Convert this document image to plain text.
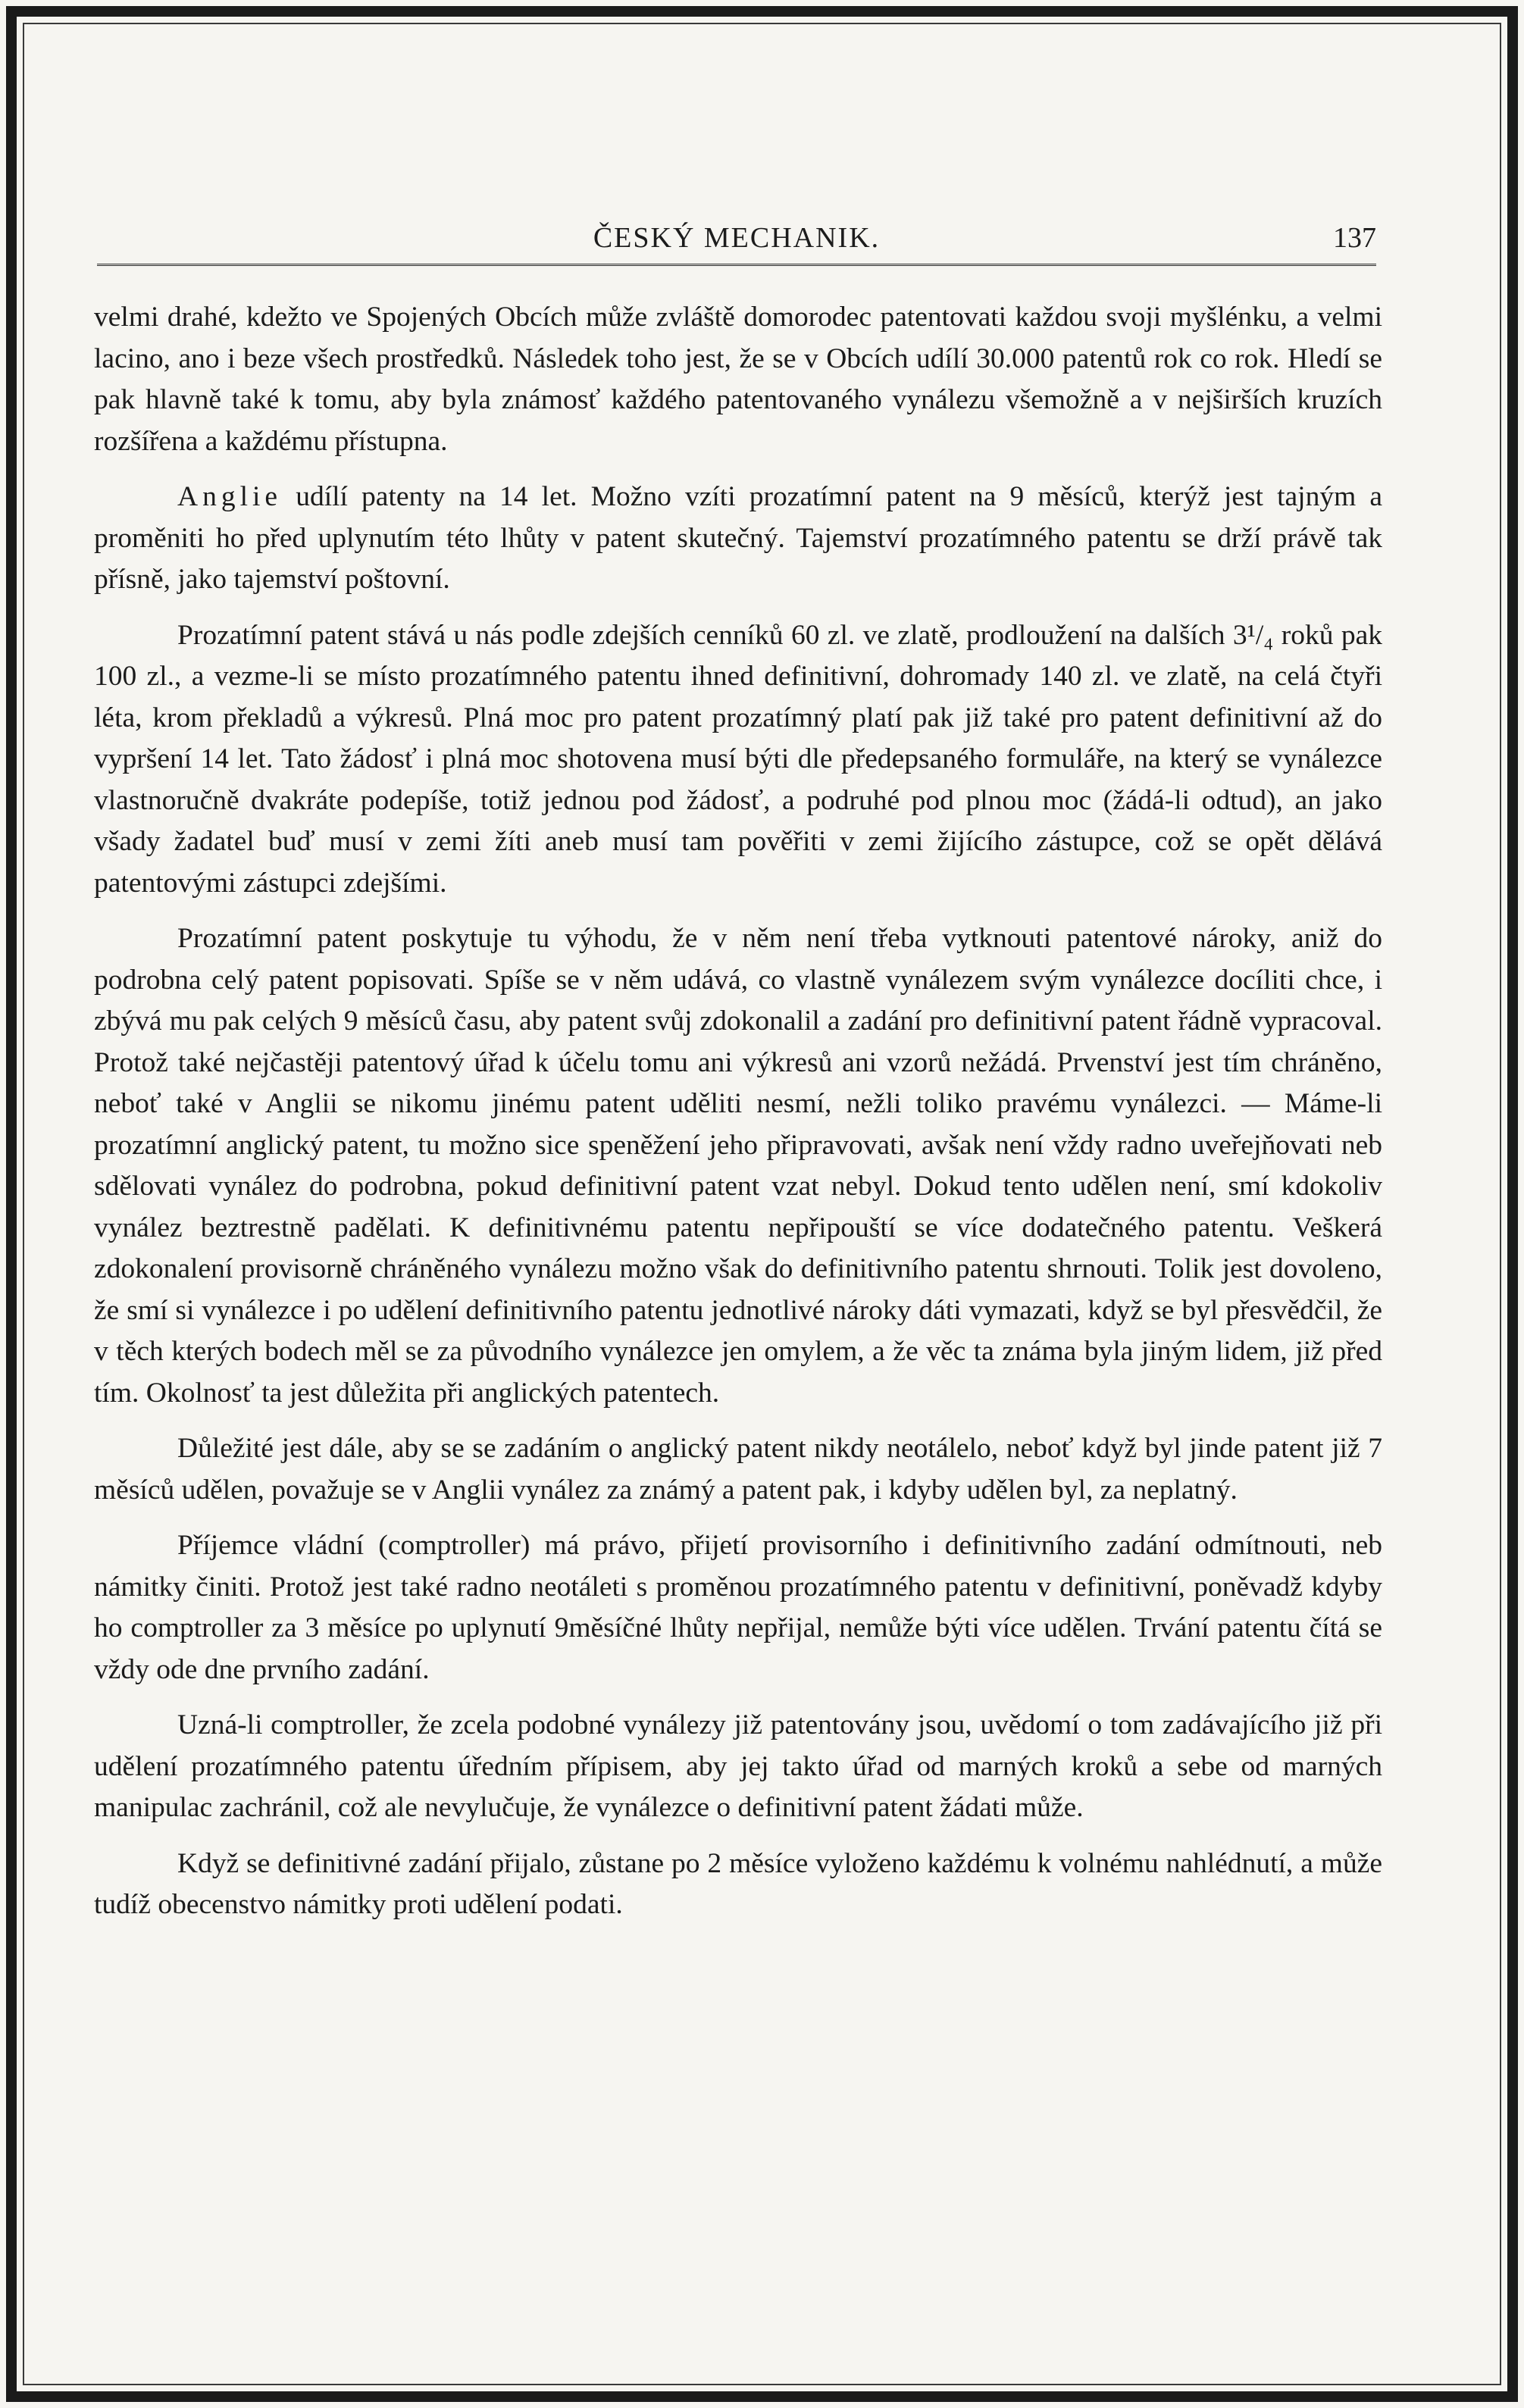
ČESKÝ MECHANIK.	137

velmi drahé, kdežto ve Spojených Obcích může zvláště domorodec patentovati každou svoji myšlénku, a velmi lacino, ano i beze všech prostředků. Následek toho jest, že se v Obcích udílí 30.000 patentů rok co rok. Hledí se pak hlavně také k tomu, aby byla známosť každého patentovaného vynálezu všemožně a v nejširších kruzích rozšířena a každému přístupna.

Anglie udílí patenty na 14 let. Možno vzíti prozatímní patent na 9 měsíců, kterýž jest tajným a proměniti ho před uplynutím této lhůty v patent skutečný. Tajemství prozatímného patentu se drží právě tak přísně, jako tajemství poštovní.

Prozatímní patent stává u nás podle zdejších cenníků 60 zl. ve zlatě, prodloužení na dalších 3¹/₄ roků pak 100 zl., a vezme-li se místo prozatímného patentu ihned definitivní, dohromady 140 zl. ve zlatě, na celá čtyři léta, krom překladů a výkresů. Plná moc pro patent prozatímný platí pak již také pro patent definitivní až do vypršení 14 let. Tato žádosť i plná moc shotovena musí býti dle předepsaného formuláře, na který se vynálezce vlastnoručně dvakráte podepíše, totiž jednou pod žádosť, a podruhé pod plnou moc (žádá-li odtud), an jako všady žadatel buď musí v zemi žíti aneb musí tam pověřiti v zemi žijícího zástupce, což se opět dělává patentovými zástupci zdejšími.

Prozatímní patent poskytuje tu výhodu, že v něm není třeba vytknouti patentové nároky, aniž do podrobna celý patent popisovati. Spíše se v něm udává, co vlastně vynálezem svým vynálezce docíliti chce, i zbývá mu pak celých 9 měsíců času, aby patent svůj zdokonalil a zadání pro definitivní patent řádně vypracoval. Protož také nejčastěji patentový úřad k účelu tomu ani výkresů ani vzorů nežádá. Prvenství jest tím chráněno, neboť také v Anglii se nikomu jinému patent uděliti nesmí, nežli toliko pravému vynálezci. — Máme-li prozatímní anglický patent, tu možno sice speněžení jeho připravovati, avšak není vždy radno uveřejňovati neb sdělovati vynález do podrobna, pokud definitivní patent vzat nebyl. Dokud tento udělen není, smí kdokoliv vynález beztrestně padělati. K definitivnému patentu nepřipouští se více dodatečného patentu. Veškerá zdokonalení provisorně chráněného vynálezu možno však do definitivního patentu shrnouti. Tolik jest dovoleno, že smí si vynálezce i po udělení definitivního patentu jednotlivé nároky dáti vymazati, když se byl přesvědčil, že v těch kterých bodech měl se za původního vynálezce jen omylem, a že věc ta známa byla jiným lidem, již před tím. Okolnosť ta jest důležita při anglických patentech.

Důležité jest dále, aby se se zadáním o anglický patent nikdy neotálelo, neboť když byl jinde patent již 7 měsíců udělen, považuje se v Anglii vynález za známý a patent pak, i kdyby udělen byl, za neplatný.

Příjemce vládní (comptroller) má právo, přijetí provisorního i definitivního zadání odmítnouti, neb námitky činiti. Protož jest také radno neotáleti s proměnou prozatímného patentu v definitivní, poněvadž kdyby ho comptroller za 3 měsíce po uplynutí 9měsíčné lhůty nepřijal, nemůže býti více udělen. Trvání patentu čítá se vždy ode dne prvního zadání.

Uzná-li comptroller, že zcela podobné vynálezy již patentovány jsou, uvědomí o tom zadávajícího již při udělení prozatímného patentu úředním přípisem, aby jej takto úřad od marných kroků a sebe od marných manipulac zachránil, což ale nevylučuje, že vynálezce o definitivní patent žádati může.

Když se definitivné zadání přijalo, zůstane po 2 měsíce vyloženo každému k volnému nahlédnutí, a může tudíž obecenstvo námitky proti udělení podati.
